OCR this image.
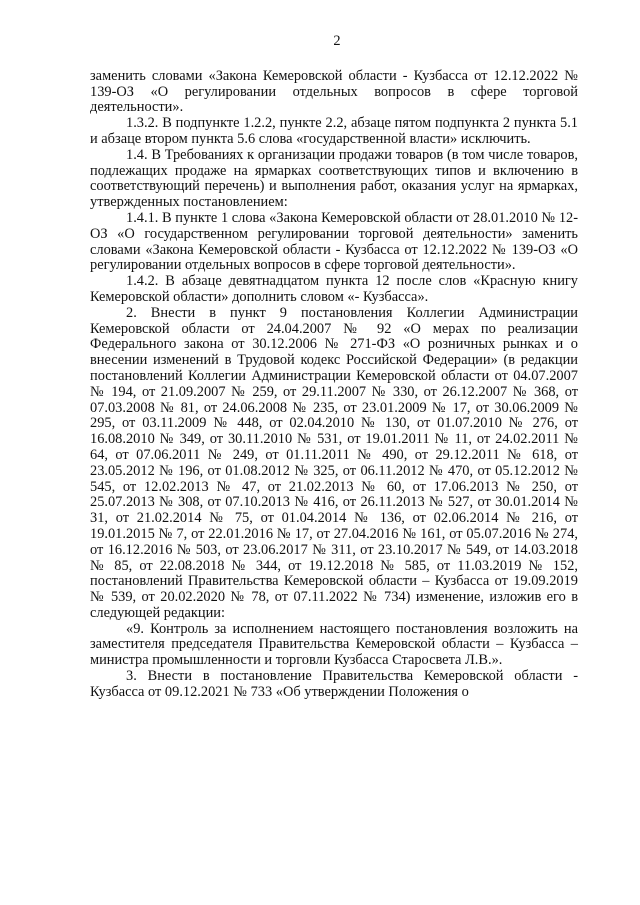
2

заменить словами «Закона Кемеровской области - Кузбасса от 12.12.2022 № 139-ОЗ «О регулировании отдельных вопросов в сфере торговой деятельности».

1.3.2. В подпункте 1.2.2, пункте 2.2, абзаце пятом подпункта 2 пункта 5.1 и абзаце втором пункта 5.6 слова «государственной власти» исключить.

1.4. В Требованиях к организации продажи товаров (в том числе товаров, подлежащих продаже на ярмарках соответствующих типов и включению в соответствующий перечень) и выполнения работ, оказания услуг на ярмарках, утвержденных постановлением:

1.4.1. В пункте 1 слова «Закона Кемеровской области от 28.01.2010 № 12-ОЗ «О государственном регулировании торговой деятельности» заменить словами «Закона Кемеровской области - Кузбасса от 12.12.2022 № 139-ОЗ «О регулировании отдельных вопросов в сфере торговой деятельности».

1.4.2. В абзаце девятнадцатом пункта 12 после слов «Красную книгу Кемеровской области» дополнить словом «- Кузбасса».

2. Внести в пункт 9 постановления Коллегии Администрации Кемеровской области от 24.04.2007 № 92 «О мерах по реализации Федерального закона от 30.12.2006 № 271-ФЗ «О розничных рынках и о внесении изменений в Трудовой кодекс Российской Федерации» (в редакции постановлений Коллегии Администрации Кемеровской области от 04.07.2007 № 194, от 21.09.2007 № 259, от 29.11.2007 № 330, от 26.12.2007 № 368, от 07.03.2008 № 81, от 24.06.2008 № 235, от 23.01.2009 № 17, от 30.06.2009 № 295, от 03.11.2009 № 448, от 02.04.2010 № 130, от 01.07.2010 № 276, от 16.08.2010 № 349, от 30.11.2010 № 531, от 19.01.2011 № 11, от 24.02.2011 № 64, от 07.06.2011 № 249, от 01.11.2011 № 490, от 29.12.2011 № 618, от 23.05.2012 № 196, от 01.08.2012 № 325, от 06.11.2012 № 470, от 05.12.2012 № 545, от 12.02.2013 № 47, от 21.02.2013 № 60, от 17.06.2013 № 250, от 25.07.2013 № 308, от 07.10.2013 № 416, от 26.11.2013 № 527, от 30.01.2014 № 31, от 21.02.2014 № 75, от 01.04.2014 № 136, от 02.06.2014 № 216, от 19.01.2015 № 7, от 22.01.2016 № 17, от 27.04.2016 № 161, от 05.07.2016 № 274, от 16.12.2016 № 503, от 23.06.2017 № 311, от 23.10.2017 № 549, от 14.03.2018 № 85, от 22.08.2018 № 344, от 19.12.2018 № 585, от 11.03.2019 № 152, постановлений Правительства Кемеровской области – Кузбасса от 19.09.2019 № 539, от 20.02.2020 № 78, от 07.11.2022 № 734) изменение, изложив его в следующей редакции:

«9. Контроль за исполнением настоящего постановления возложить на заместителя председателя Правительства Кемеровской области – Кузбасса – министра промышленности и торговли Кузбасса Старосвета Л.В.».

3. Внести в постановление Правительства Кемеровской области - Кузбасса от 09.12.2021 № 733 «Об утверждении Положения о
